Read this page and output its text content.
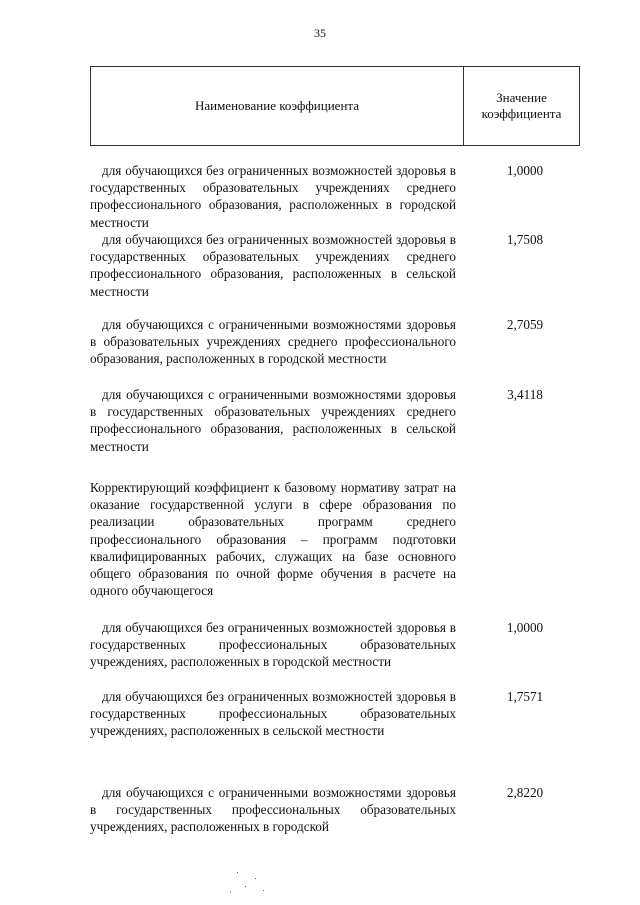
35
Наименование коэффициента
Значение коэффициента
для обучающихся без ограниченных возможностей здоровья в государственных образовательных учреждениях среднего профессионального образования, расположенных в городской местности
1,0000
для обучающихся без ограниченных возможностей здоровья в государственных образовательных учреждениях среднего профессионального образования, расположенных в сельской местности
1,7508
для обучающихся с ограниченными возможностями здоровья в образовательных учреждениях среднего профессионального образования, расположенных в городской местности
2,7059
для обучающихся с ограниченными возможностями здоровья в государственных образовательных учреждениях среднего профессионального образования, расположенных в сельской местности
3,4118
Корректирующий коэффициент к базовому нормативу затрат на оказание государственной услуги в сфере образования по реализации образовательных программ среднего профессионального образования – программ подготовки квалифицированных рабочих, служащих на базе основного общего образования по очной форме обучения в расчете на одного обучающегося
для обучающихся без ограниченных возможностей здоровья в государственных профессиональных образовательных учреждениях, расположенных в городской местности
1,0000
для обучающихся без ограниченных возможностей здоровья в государственных профессиональных образовательных учреждениях, расположенных в сельской местности
1,7571
для обучающихся с ограниченными возможностями здоровья в государственных профессиональных образовательных учреждениях, расположенных в городской
2,8220
